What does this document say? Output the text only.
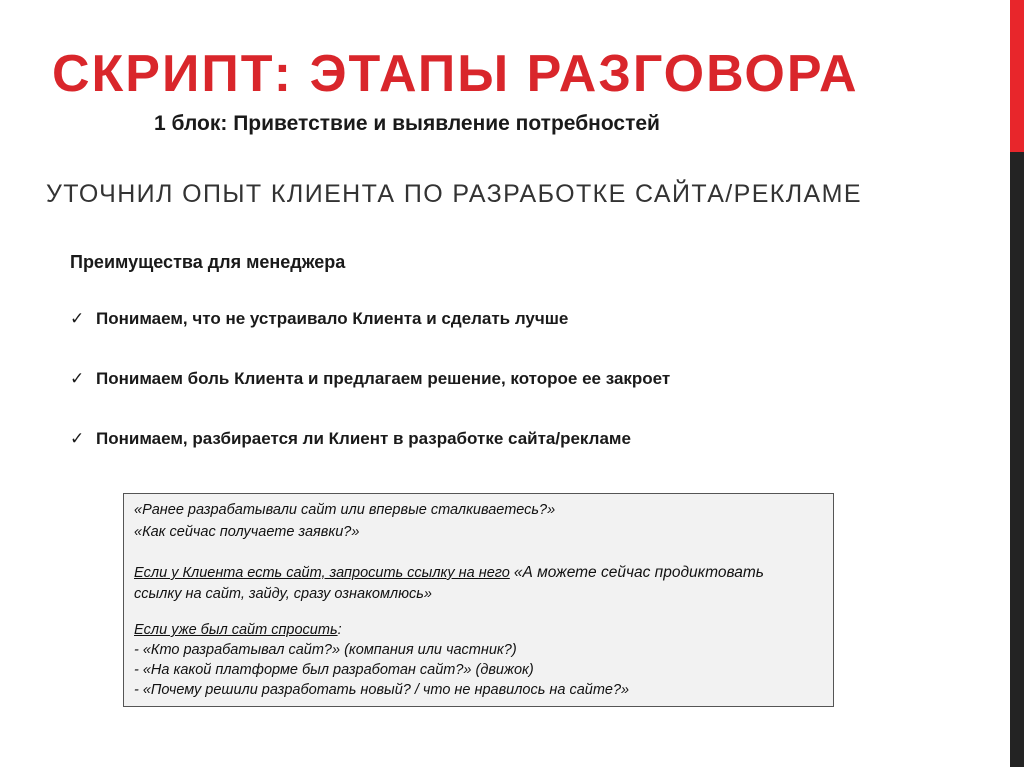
СКРИПТ: ЭТАПЫ РАЗГОВОРА
1 блок: Приветствие и выявление потребностей
УТОЧНИЛ ОПЫТ КЛИЕНТА ПО РАЗРАБОТКЕ САЙТА/РЕКЛАМЕ
Преимущества для менеджера
✓ Понимаем, что не устраивало Клиента и сделать лучше
✓ Понимаем боль Клиента и предлагаем решение, которое ее закроет
✓ Понимаем, разбирается ли Клиент в разработке сайта/рекламе
«Ранее разрабатывали сайт или впервые сталкиваетесь?»
«Как сейчас получаете заявки?»
Если у Клиента есть сайт, запросить ссылку на него «А можете сейчас продиктовать
ссылку на сайт, зайду, сразу ознакомлюсь»
Если уже был сайт спросить:
- «Кто разрабатывал сайт?» (компания или частник?)
- «На какой платформе был разработан сайт?» (движок)
- «Почему решили разработать новый? / что не нравилось на сайте?»
